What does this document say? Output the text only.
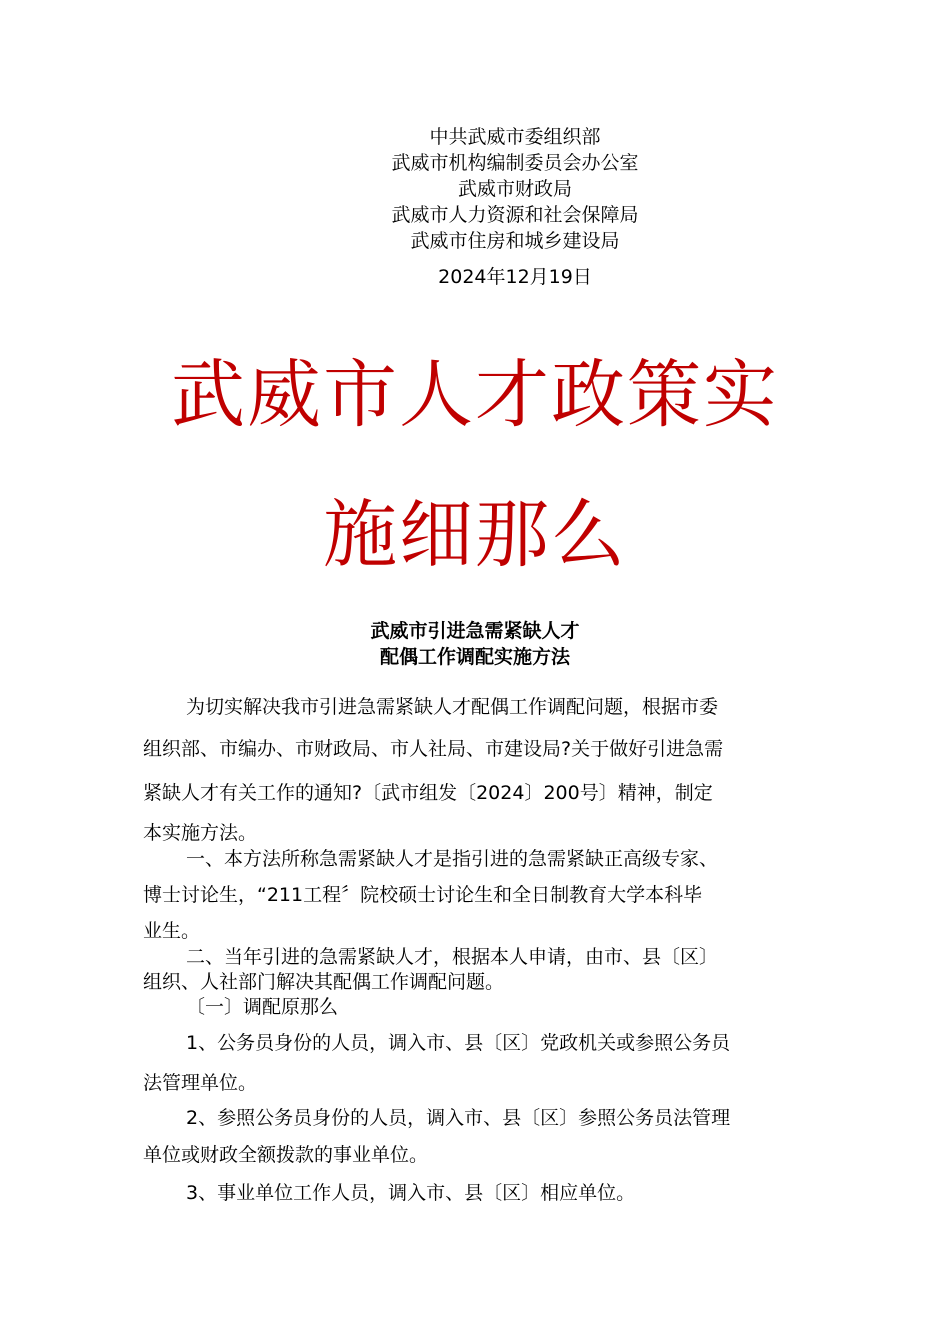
中共武威市委组织部
武威市机构编制委员会办公室
武威市财政局
武威市人力资源和社会保障局
武威市住房和城乡建设局
2024年12月19日
武威市人才政策实
施细那么
武威市引进急需紧缺人才
配偶工作调配实施方法
为切实解决我市引进急需紧缺人才配偶工作调配问题，根据市委
组织部、市编办、市财政局、市人社局、市建设局?关于做好引进急需
紧缺人才有关工作的通知?〔武市组发〔2024〕200号〕精神，制定
本实施方法。
一、本方法所称急需紧缺人才是指引进的急需紧缺正高级专家、
博士讨论生，“211工程〞院校硕士讨论生和全日制教育大学本科毕
业生。
二、当年引进的急需紧缺人才，根据本人申请，由市、县〔区〕
组织、人社部门解决其配偶工作调配问题。
〔一〕调配原那么
1、公务员身份的人员，调入市、县〔区〕党政机关或参照公务员
法管理单位。
2、参照公务员身份的人员，调入市、县〔区〕参照公务员法管理
单位或财政全额拨款的事业单位。
3、事业单位工作人员，调入市、县〔区〕相应单位。
